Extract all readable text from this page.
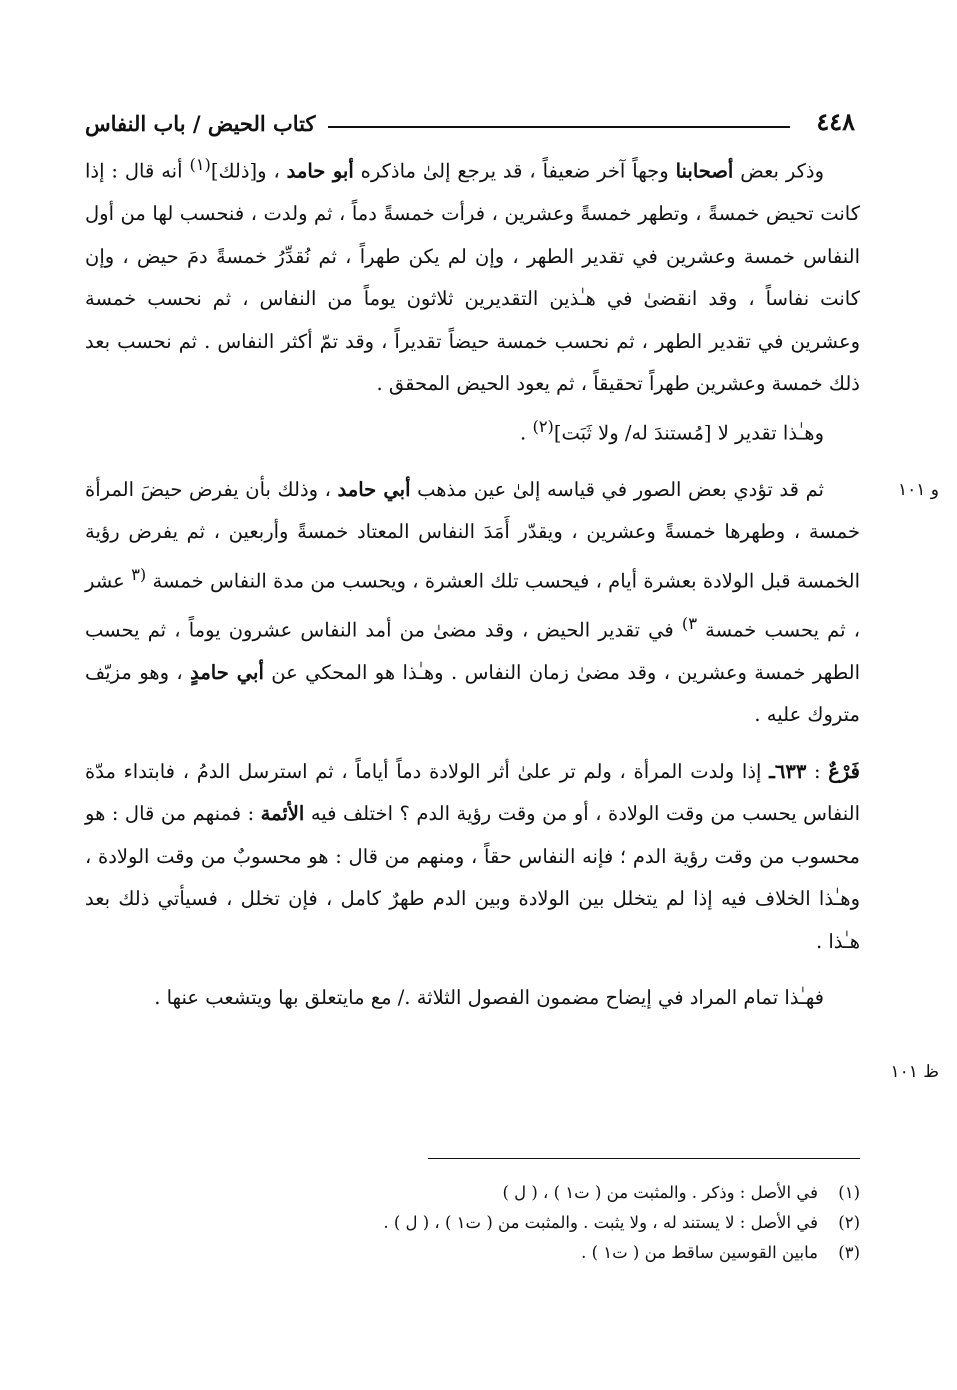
٤٤٨
كتاب الحيض / باب النفاس

وذكر بعض أصحابنا وجهاً آخر ضعيفاً ، قد يرجع إلىٰ ماذكره أبو حامد ، و[ذلك]$^{(١)}$ أنه قال : إذا كانت تحيض خمسةً ، وتطهر خمسةً وعشرين ، فرأت خمسةً دماً ، ثم ولدت ، فنحسب لها من أول النفاس خمسة وعشرين في تقدير الطهر ، وإن لم يكن طهراً ، ثم نُقدِّرُ خمسةً دمَ حيض ، وإن كانت نفاساً ، وقد انقضىٰ في هـٰذين التقديرين ثلاثون يوماً من النفاس ، ثم نحسب خمسة وعشرين في تقدير الطهر ، ثم نحسب خمسة حيضاً تقديراً ، وقد تمّ أكثر النفاس . ثم نحسب بعد ذلك خمسة وعشرين طهراً تحقيقاً ، ثم يعود الحيض المحقق .

وهـٰذا تقدير لا [مُستندَ له/ ولا ثَبَت]$^{(٢)}$ .

ثم قد تؤدي بعض الصور في قياسه إلىٰ عين مذهب أبي حامد ، وذلك بأن يفرض حيضَ المرأة خمسة ، وطهرها خمسةً وعشرين ، ويقدّر أَمَدَ النفاس المعتاد خمسةً وأربعين ، ثم يفرض رؤية الخمسة قبل الولادة بعشرة أيام ، فيحسب تلك العشرة ، ويحسب من مدة النفاس خمسة $^{(٣}$ عشر ، ثم يحسب خمسة $^{٣)}$ في تقدير الحيض ، وقد مضىٰ من أمد النفاس عشرون يوماً ، ثم يحسب الطهر خمسة وعشرين ، وقد مضىٰ زمان النفاس . وهـٰذا هو المحكي عن أبي حامدٍ ، وهو مزيّف متروك عليه .

فَرْعٌ : ٦٣٣ـ إذا ولدت المرأة ، ولم تر علىٰ أثر الولادة دماً أياماً ، ثم استرسل الدمُ ، فابتداء مدّة النفاس يحسب من وقت الولادة ، أو من وقت رؤية الدم ؟ اختلف فيه الأئمة : فمنهم من قال : هو محسوب من وقت رؤية الدم ؛ فإنه النفاس حقاً ، ومنهم من قال : هو محسوبٌ من وقت الولادة ، وهـٰذا الخلاف فيه إذا لم يتخلل بين الولادة وبين الدم طهرٌ كامل ، فإن تخلل ، فسيأتي ذلك بعد هـٰذا .

فهـٰذا تمام المراد في إيضاح مضمون الفصول الثلاثة ./ مع مايتعلق بها ويتشعب عنها .

و ١٠١
ظ ١٠١
(١)
في الأصل : وذكر . والمثبت من ( ت١ ) ، ( ل )
(٢)
في الأصل : لا يستند له ، ولا يثبت . والمثبت من ( ت١ ) ، ( ل ) .
(٣)
مابين القوسين ساقط من ( ت١ ) .
